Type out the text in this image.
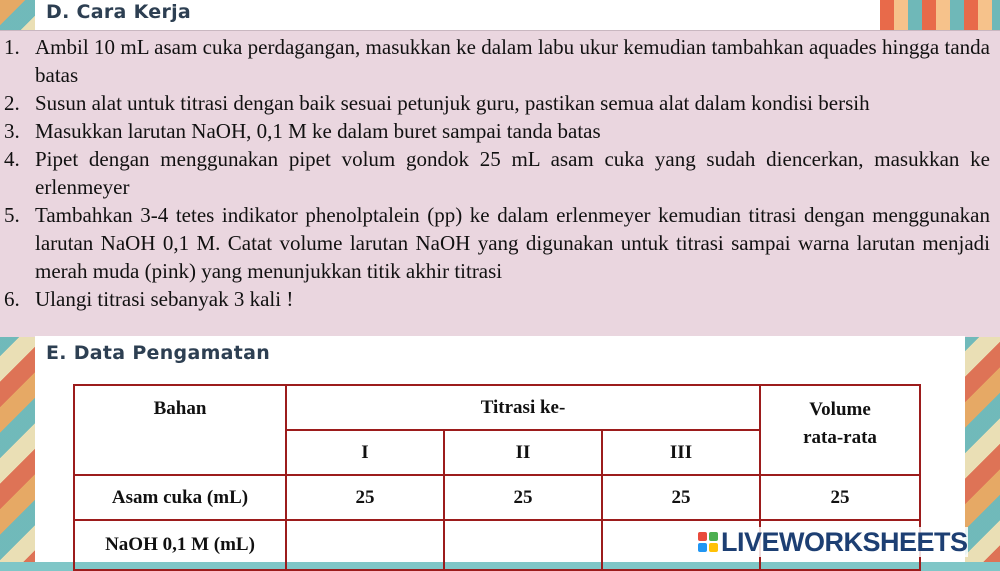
D. Cara Kerja
1. Ambil 10 mL asam cuka perdagangan, masukkan ke dalam labu ukur kemudian tambahkan aquades hingga tanda batas
2. Susun alat untuk titrasi dengan baik sesuai petunjuk guru, pastikan semua alat dalam kondisi bersih
3. Masukkan larutan NaOH, 0,1 M ke dalam buret sampai tanda batas
4. Pipet dengan menggunakan pipet volum gondok 25 mL asam cuka yang sudah diencerkan, masukkan ke erlenmeyer
5. Tambahkan 3-4 tetes indikator phenolptalein (pp) ke dalam erlenmeyer kemudian titrasi dengan menggunakan larutan NaOH 0,1 M. Catat volume larutan NaOH yang digunakan untuk titrasi sampai warna larutan menjadi merah muda (pink) yang menunjukkan titik akhir titrasi
6. Ulangi titrasi sebanyak 3 kali !
E. Data Pengamatan
Bahan	Titrasi ke-			Volume
rata-rata
	I	II	III	
Asam cuka (mL)	25	25	25	25
NaOH 0,1 M (mL)					LIVEWORKSHEETS
